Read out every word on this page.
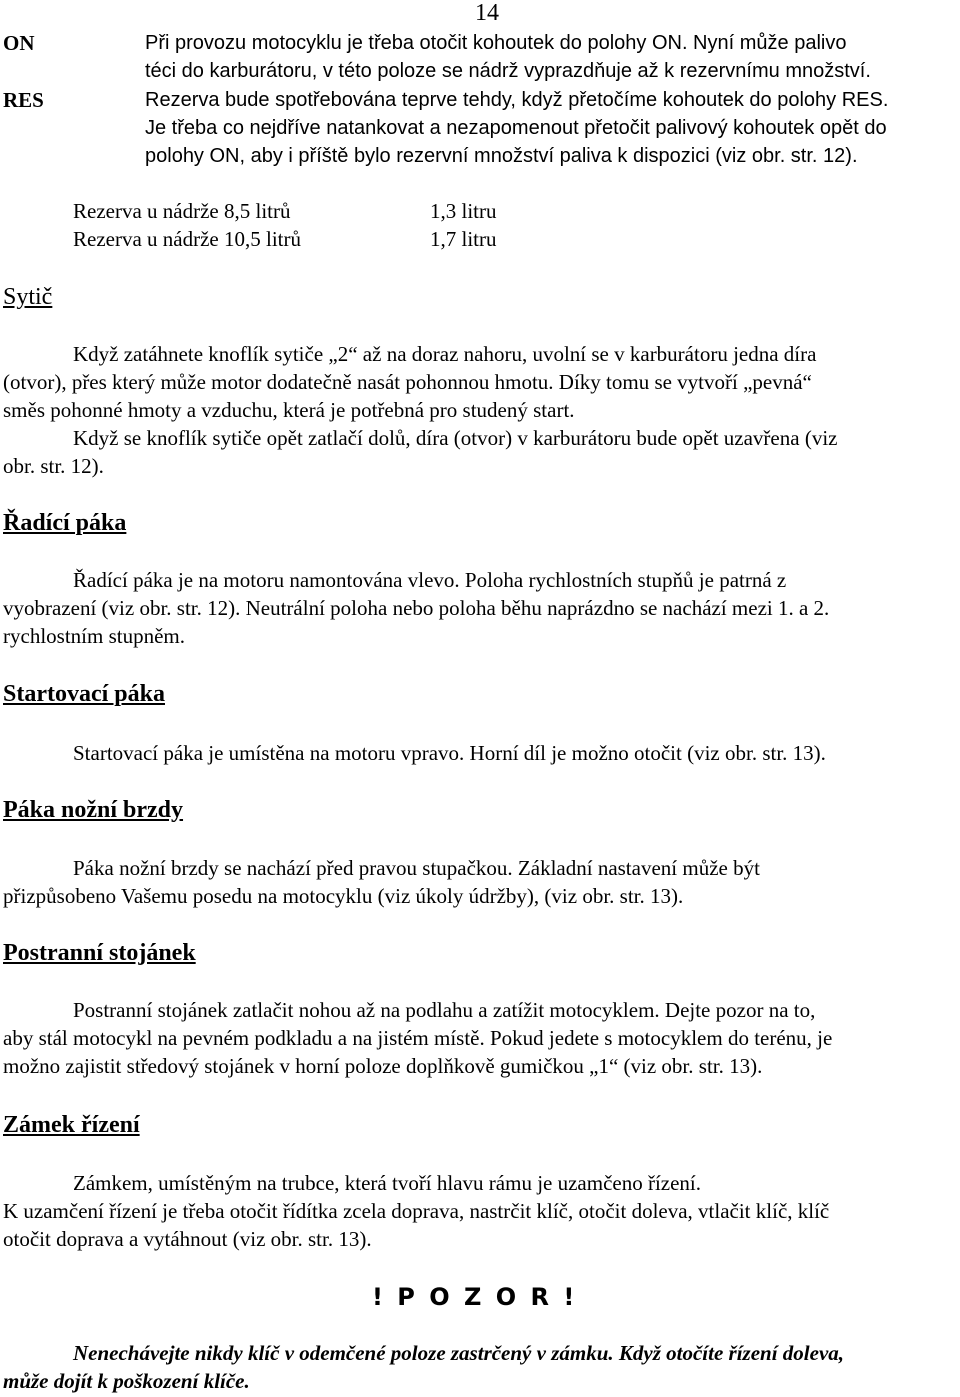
14
ON
RES
Při provozu motocyklu je třeba otočit kohoutek do polohy ON. Nyní může palivo
téci do karburátoru, v této poloze se nádrž vyprazdňuje až k rezervnímu množství.
Rezerva bude spotřebována teprve tehdy, když přetočíme kohoutek do polohy RES.
Je třeba co nejdříve natankovat a nezapomenout přetočit palivový kohoutek opět do
polohy ON, aby i příště bylo rezervní množství paliva k dispozici (viz obr. str. 12).
Rezerva u nádrže 8,5 litrů	1,3 litru
Rezerva u nádrže 10,5 litrů	1,7 litru
Sytič
Když zatáhnete knoflík sytiče „2“ až na doraz nahoru, uvolní se v karburátoru jedna díra
(otvor), přes který může motor dodatečně nasát pohonnou hmotu. Díky tomu se vytvoří „pevná“
směs pohonné hmoty a vzduchu, která je potřebná pro studený start.
Když se knoflík sytiče opět zatlačí dolů, díra (otvor) v karburátoru bude opět uzavřena (viz
obr. str. 12).
Řadící páka
Řadící páka je na motoru namontována vlevo. Poloha rychlostních stupňů je patrná z
vyobrazení (viz obr. str. 12). Neutrální poloha nebo poloha běhu naprázdno se nachází mezi 1. a 2.
rychlostním stupněm.
Startovací páka
Startovací páka je umístěna na motoru vpravo. Horní díl je možno otočit (viz obr. str. 13).
Páka nožní brzdy
Páka nožní brzdy se nachází před pravou stupačkou. Základní nastavení může být
přizpůsobeno Vašemu posedu na motocyklu (viz úkoly údržby), (viz obr. str. 13).
Postranní stojánek
Postranní stojánek zatlačit nohou až na podlahu a zatížit motocyklem. Dejte pozor na to,
aby stál motocykl na pevném podkladu a na jistém místě. Pokud jedete s motocyklem do terénu, je
možno zajistit středový stojánek v horní poloze doplňkově gumičkou „1“ (viz obr. str. 13).
Zámek řízení
Zámkem, umístěným na trubce, která tvoří hlavu rámu je uzamčeno řízení.
K uzamčení řízení je třeba otočit řídítka zcela doprava, nastrčit klíč, otočit doleva, vtlačit klíč, klíč
otočit doprava a vytáhnout (viz obr. str. 13).
! P O Z O R !
Nenechávejte nikdy klíč v odemčené poloze zastrčený v zámku. Když otočíte řízení doleva,
může dojít k poškození klíče.
